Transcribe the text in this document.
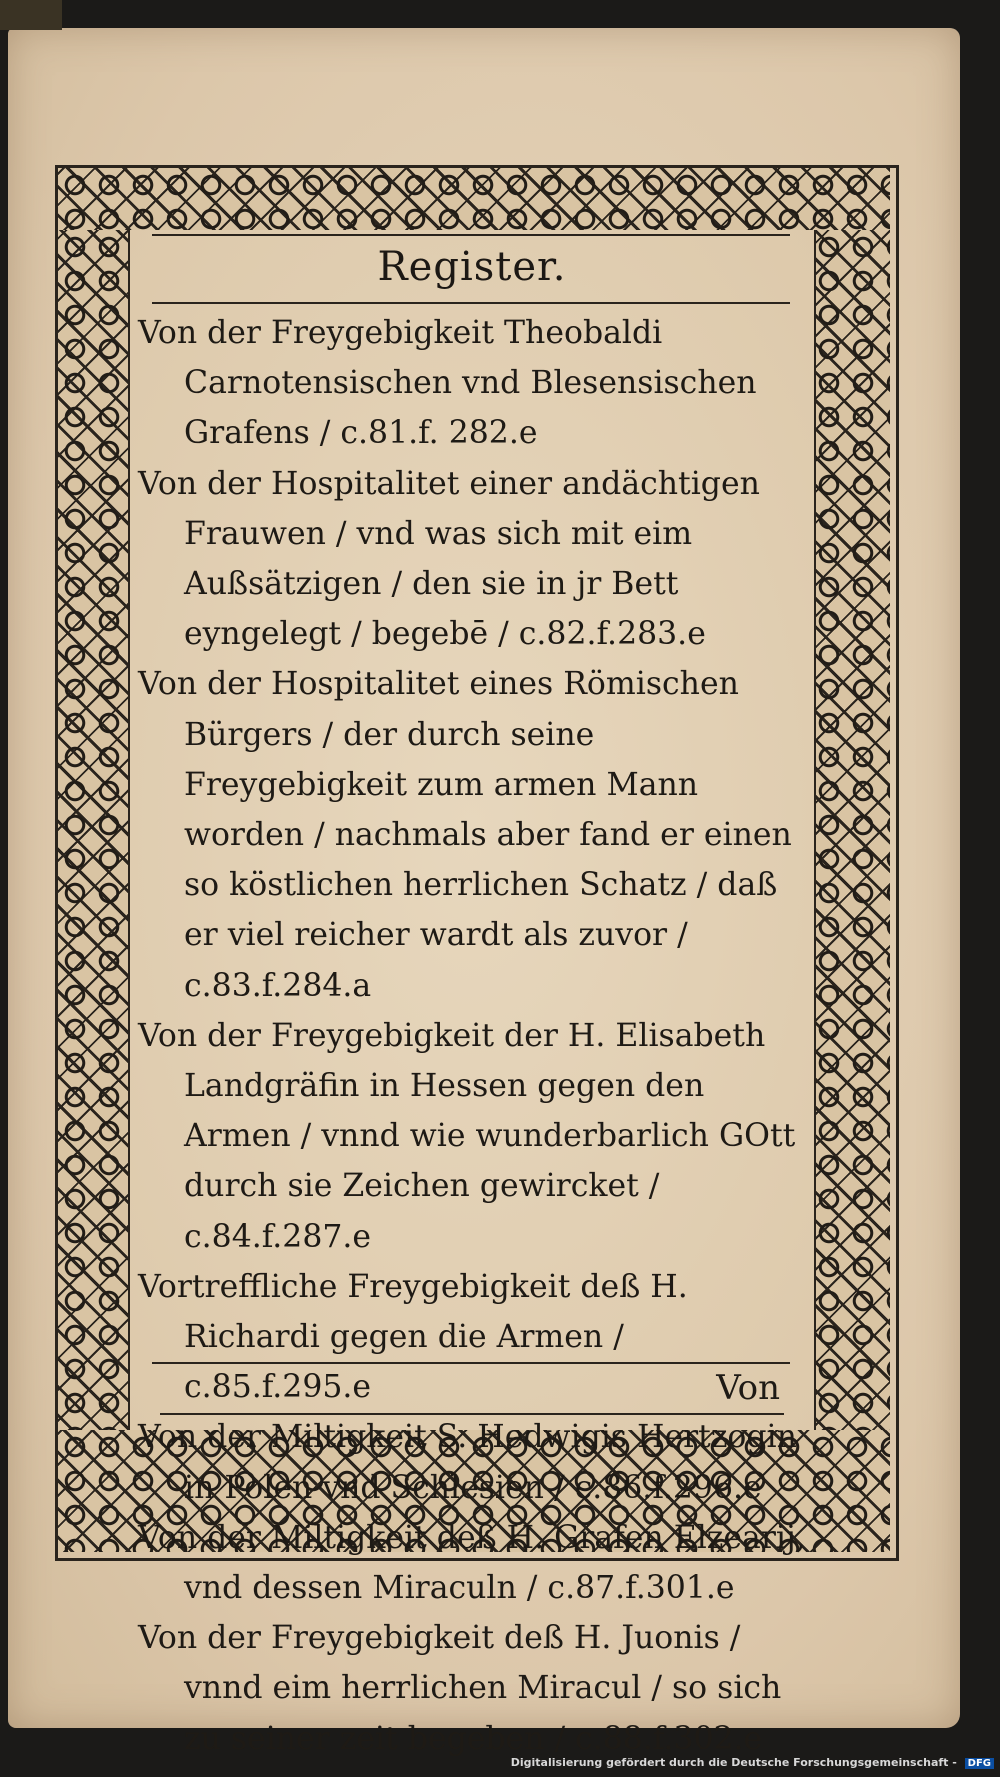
Register.

Von der Freygebigkeit Theobaldi Carnotensischen vnd Blesensischen Grafens / c.81.f. 282.e

Von der Hospitalitet einer andächtigen Frauwen / vnd was sich mit eim Außsätzigen / den sie in jr Bett eyngelegt / begebē / c.82.f.283.e

Von der Hospitalitet eines Römischen Bürgers / der durch seine Freygebigkeit zum armen Mann worden / nachmals aber fand er einen so köstlichen herrlichen Schatz / daß er viel reicher wardt als zuvor / c.83.f.284.a

Von der Freygebigkeit der H. Elisabeth Landgräfin in Hessen gegen den Armen / vnnd wie wunderbarlich GOtt durch sie Zeichen gewircket / c.84.f.287.e

Vortreffliche Freygebigkeit deß H. Richardi gegen die Armen / c.85.f.295.e

Von der Miltigkeit S. Hedwigis Hertzogin in Polen vnd Schlesien / c.86.f.296.e

Von der Miltigkeit deß H. Grafen Elzearij, vnd dessen Miraculn / c.87.f.301.e

Von der Freygebigkeit deß H. Juonis / vnnd eim herrlichen Miracul / so sich zu seiner zeit begeben / c.88.f.302.e

Von
Digitalisierung gefördert durch die Deutsche Forschungsgemeinschaft - DFG
